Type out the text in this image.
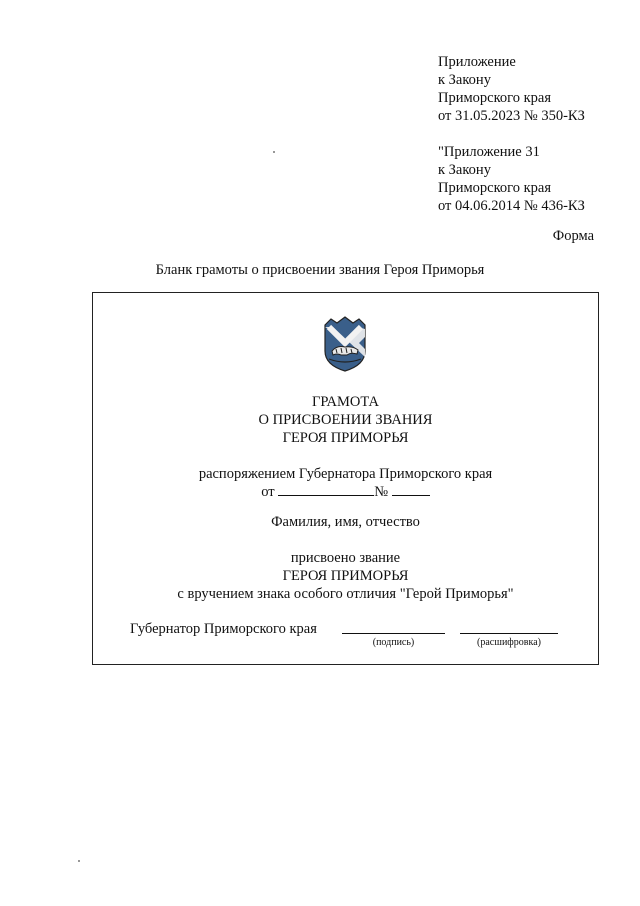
Приложение
к Закону
Приморского края
от 31.05.2023 № 350-КЗ
"Приложение 31
к Закону
Приморского края
от 04.06.2014 № 436-КЗ
Форма
Бланк грамоты о присвоении звания Героя Приморья
ГРАМОТА
О ПРИСВОЕНИИ ЗВАНИЯ
ГЕРОЯ ПРИМОРЬЯ
распоряжением Губернатора Приморского края
от	№
Фамилия, имя, отчество
присвоено звание
ГЕРОЯ ПРИМОРЬЯ
с вручением знака особого отличия "Герой Приморья"
Губернатор Приморского края
(подпись)	(расшифровка)
